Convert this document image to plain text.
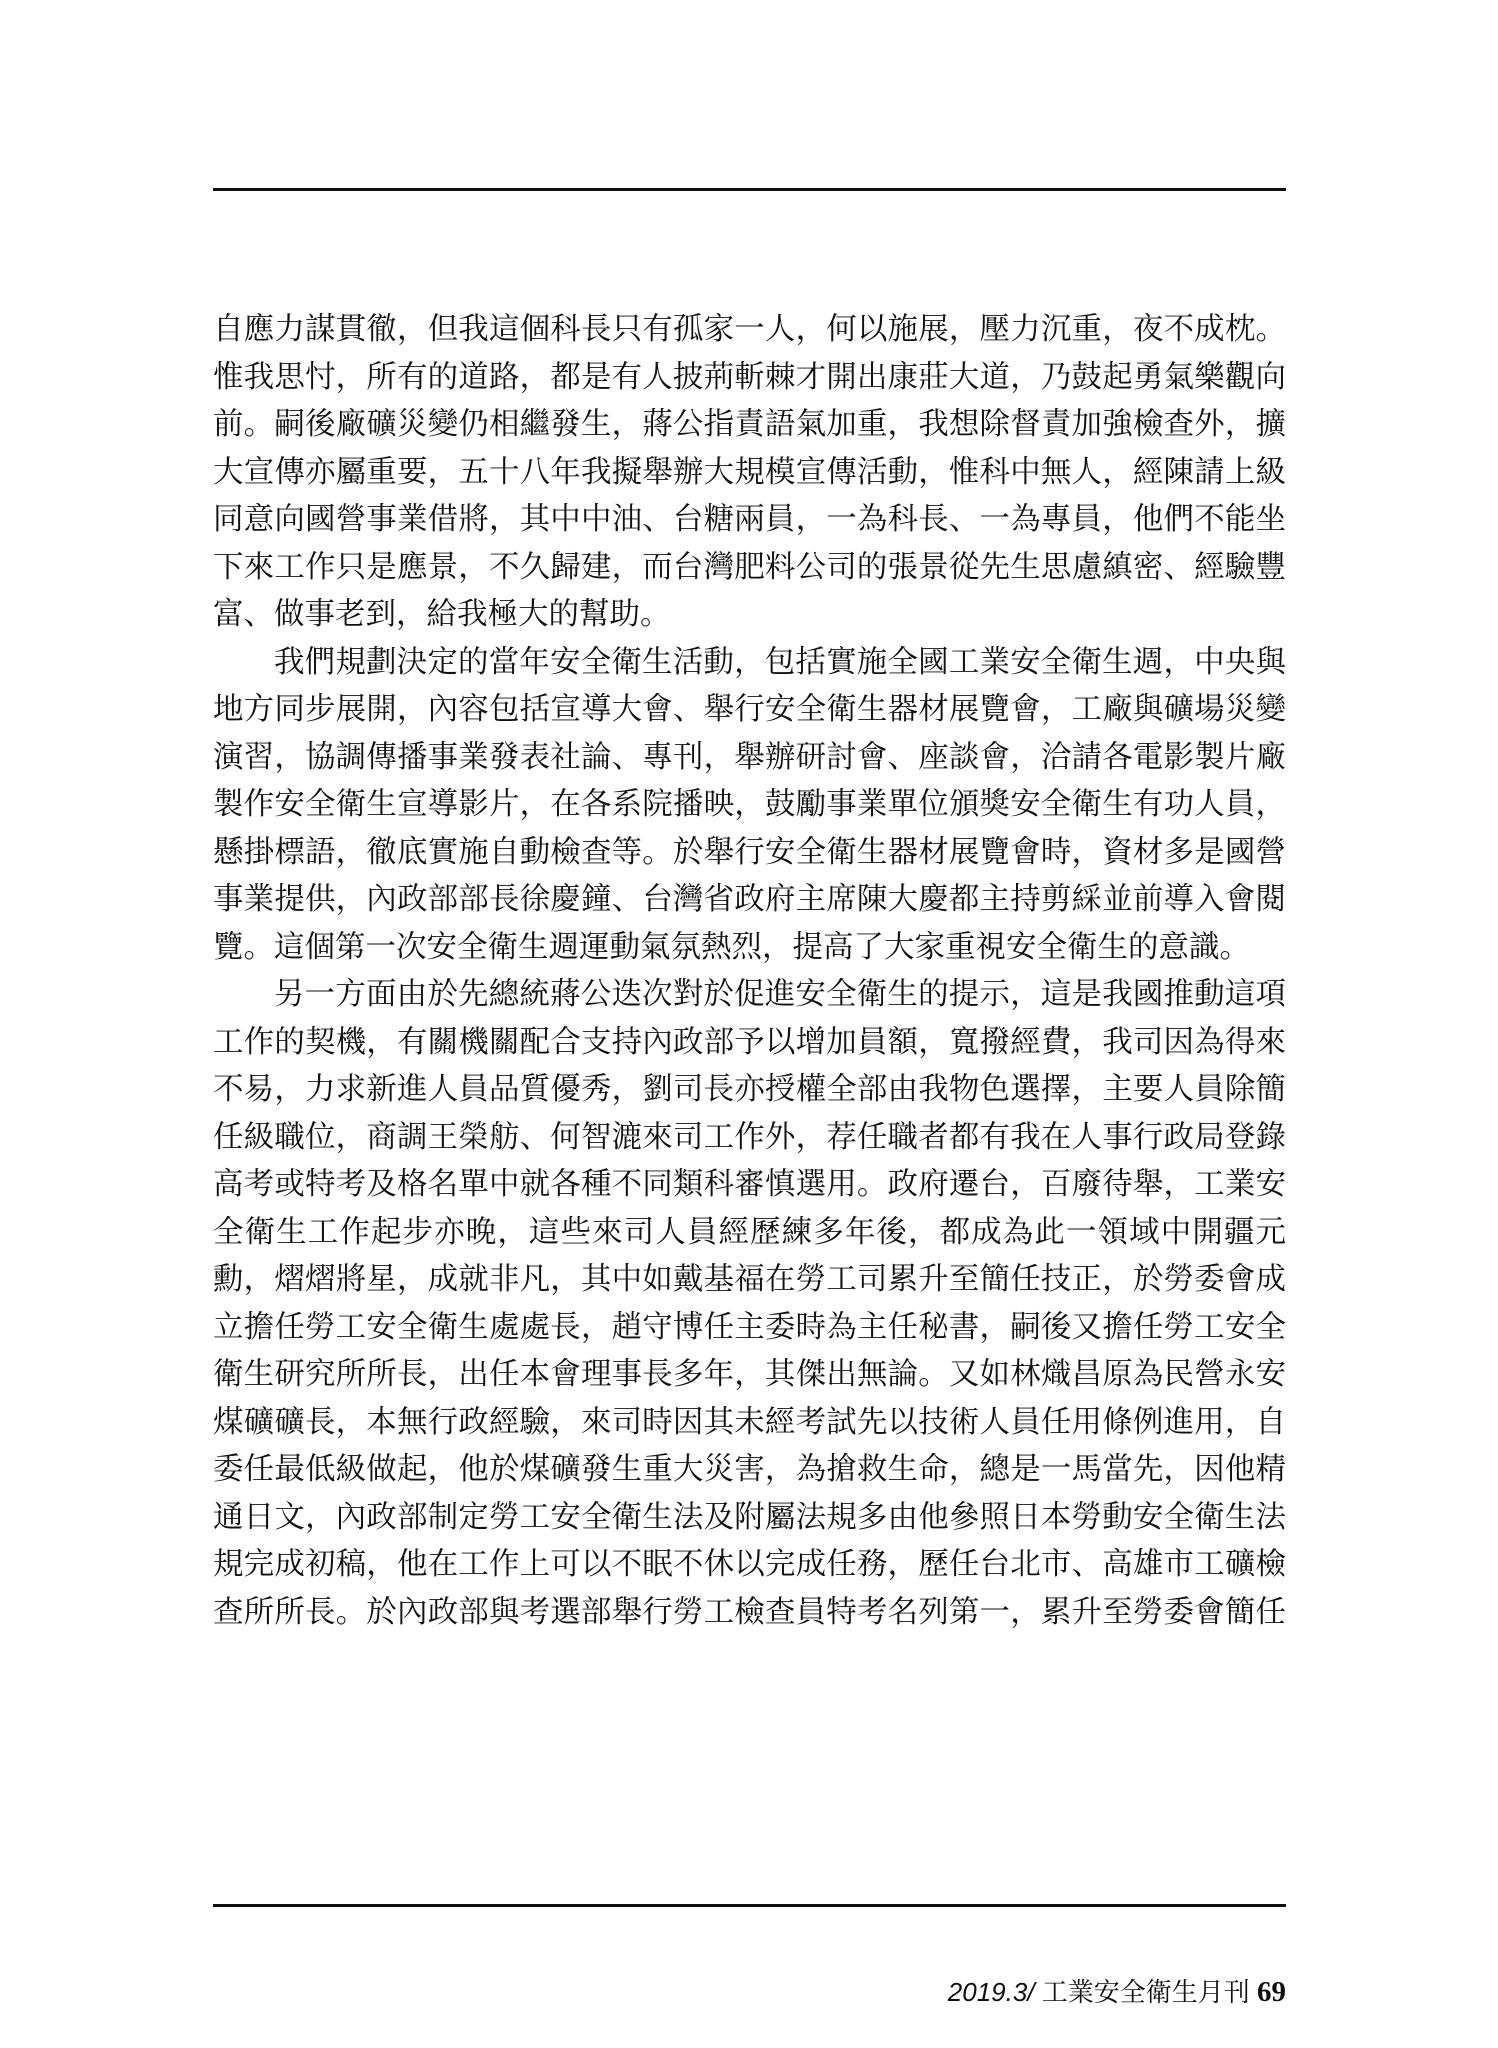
自應力謀貫徹，但我這個科長只有孤家一人，何以施展，壓力沉重，夜不成枕。
惟我思忖，所有的道路，都是有人披荊斬棘才開出康莊大道，乃鼓起勇氣樂觀向
前。嗣後廠礦災變仍相繼發生，蔣公指責語氣加重，我想除督責加強檢查外，擴
大宣傳亦屬重要，五十八年我擬舉辦大規模宣傳活動，惟科中無人，經陳請上級
同意向國營事業借將，其中中油、台糖兩員，一為科長、一為專員，他們不能坐
下來工作只是應景，不久歸建，而台灣肥料公司的張景從先生思慮縝密、經驗豐
富、做事老到，給我極大的幫助。
我們規劃決定的當年安全衛生活動，包括實施全國工業安全衛生週，中央與
地方同步展開，內容包括宣導大會、舉行安全衛生器材展覽會，工廠與礦場災變
演習，協調傳播事業發表社論、專刊，舉辦研討會、座談會，洽請各電影製片廠
製作安全衛生宣導影片，在各系院播映，鼓勵事業單位頒獎安全衛生有功人員，
懸掛標語，徹底實施自動檢查等。於舉行安全衛生器材展覽會時，資材多是國營
事業提供，內政部部長徐慶鐘、台灣省政府主席陳大慶都主持剪綵並前導入會閱
覽。這個第一次安全衛生週運動氣氛熱烈，提高了大家重視安全衛生的意識。
另一方面由於先總統蔣公迭次對於促進安全衛生的提示，這是我國推動這項
工作的契機，有關機關配合支持內政部予以增加員額，寬撥經費，我司因為得來
不易，力求新進人員品質優秀，劉司長亦授權全部由我物色選擇，主要人員除簡
任級職位，商調王榮舫、何智漉來司工作外，荐任職者都有我在人事行政局登錄
高考或特考及格名單中就各種不同類科審慎選用。政府遷台，百廢待舉，工業安
全衛生工作起步亦晚，這些來司人員經歷練多年後，都成為此一領域中開疆元
勳，熠熠將星，成就非凡，其中如戴基福在勞工司累升至簡任技正，於勞委會成
立擔任勞工安全衛生處處長，趙守博任主委時為主任秘書，嗣後又擔任勞工安全
衛生研究所所長，出任本會理事長多年，其傑出無論。又如林熾昌原為民營永安
煤礦礦長，本無行政經驗，來司時因其未經考試先以技術人員任用條例進用，自
委任最低級做起，他於煤礦發生重大災害，為搶救生命，總是一馬當先，因他精
通日文，內政部制定勞工安全衛生法及附屬法規多由他參照日本勞動安全衛生法
規完成初稿，他在工作上可以不眠不休以完成任務，歷任台北市、高雄市工礦檢
查所所長。於內政部與考選部舉行勞工檢查員特考名列第一，累升至勞委會簡任
2019.3/ 工業安全衛生月刊 69
